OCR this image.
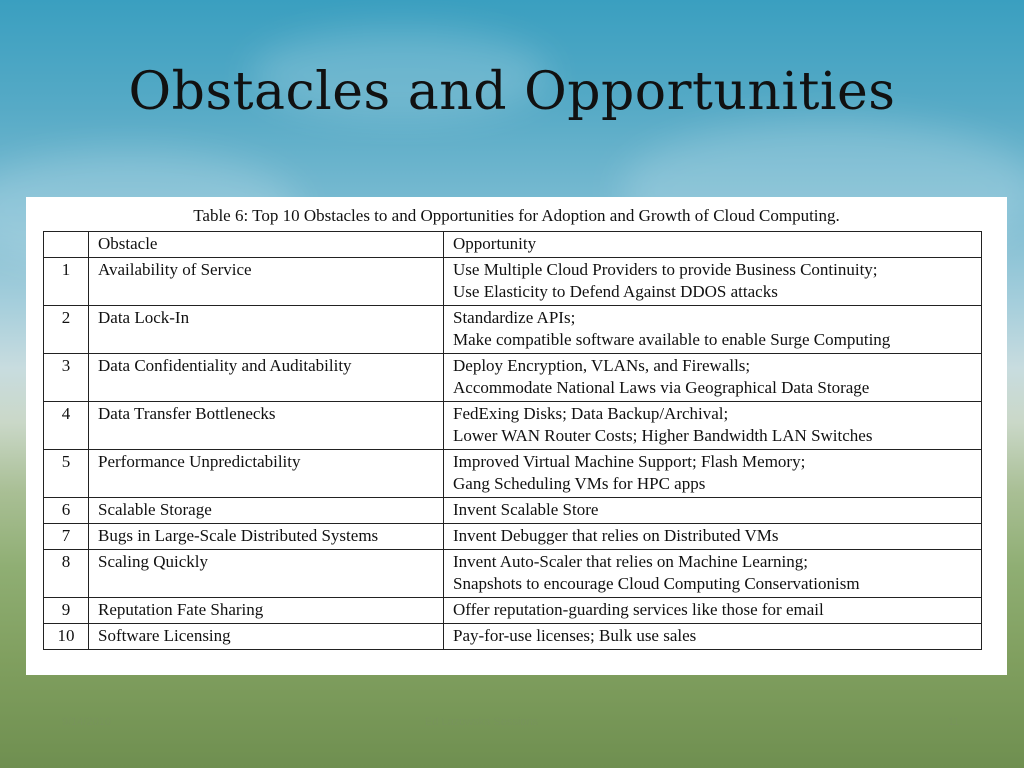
Obstacles and Opportunities
Table 6: Top 10 Obstacles to and Opportunities for Adoption and Growth of Cloud Computing.
	Obstacle	Opportunity
1	Availability of Service	Use Multiple Cloud Providers to provide Business Continuity;
Use Elasticity to Defend Against DDOS attacks

2	Data Lock-In	Standardize APIs;
Make compatible software available to enable Surge Computing

3	Data Confidentiality and Auditability	Deploy Encryption, VLANs, and Firewalls;
Accommodate National Laws via Geographical Data Storage

4	Data Transfer Bottlenecks	FedExing Disks; Data Backup/Archival;
Lower WAN Router Costs; Higher Bandwidth LAN Switches

5	Performance Unpredictability	Improved Virtual Machine Support; Flash Memory;
Gang Scheduling VMs for HPC apps

6	Scalable Storage	Invent Scalable Store

7	Bugs in Large-Scale Distributed Systems	Invent Debugger that relies on Distributed VMs

8	Scaling Quickly	Invent Auto-Scaler that relies on Machine Learning;
Snapshots to encourage Cloud Computing Conservationism

9	Reputation Fate Sharing	Offer reputation-guarding services like those for email

10	Software Licensing	Pay-for-use licenses; Bulk use sales
9/14/2010	Ed Lazowska Sessions	11
